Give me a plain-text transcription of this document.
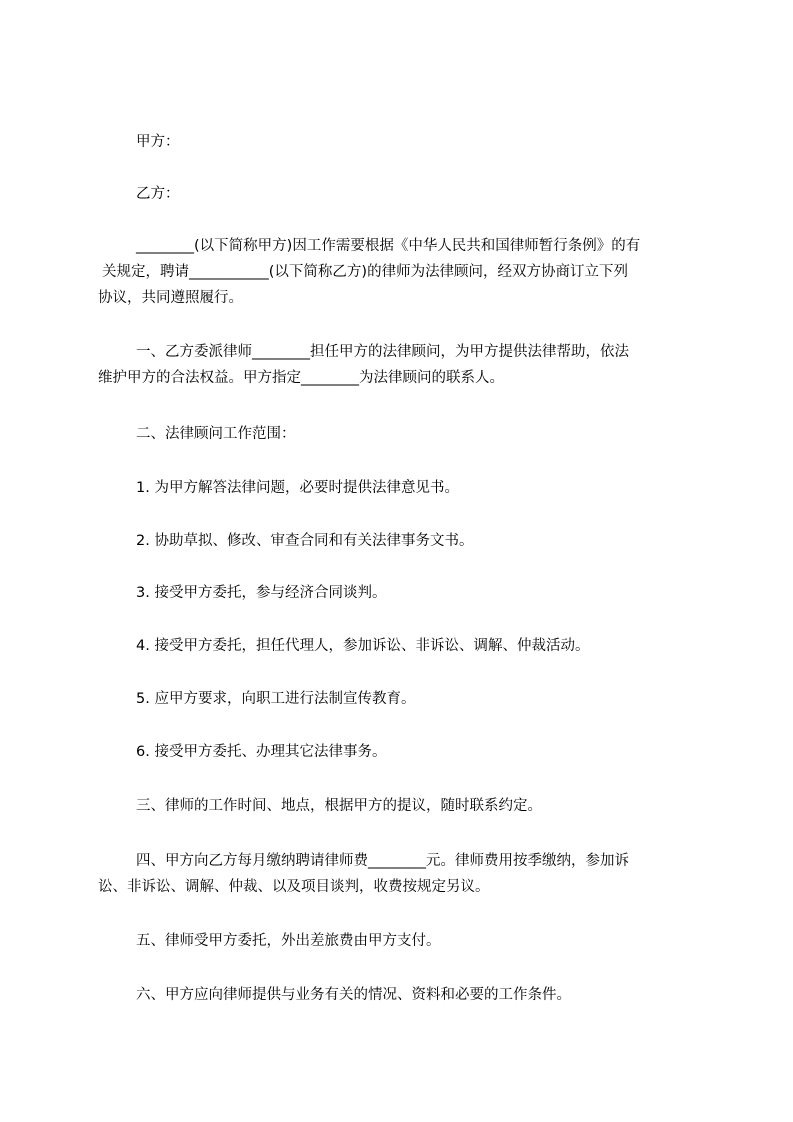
甲方：
乙方：
________(以下简称甲方)因工作需要根据《中华人民共和国律师暂行条例》的有
关规定，聘请___________(以下简称乙方)的律师为法律顾问，经双方协商订立下列
协议，共同遵照履行。
一、乙方委派律师________担任甲方的法律顾问，为甲方提供法律帮助，依法
维护甲方的合法权益。甲方指定________为法律顾问的联系人。
二、法律顾问工作范围：
1. 为甲方解答法律问题，必要时提供法律意见书。
2. 协助草拟、修改、审查合同和有关法律事务文书。
3. 接受甲方委托，参与经济合同谈判。
4. 接受甲方委托，担任代理人，参加诉讼、非诉讼、调解、仲裁活动。
5. 应甲方要求，向职工进行法制宣传教育。
6. 接受甲方委托、办理其它法律事务。
三、律师的工作时间、地点，根据甲方的提议，随时联系约定。
四、甲方向乙方每月缴纳聘请律师费________元。律师费用按季缴纳，参加诉
讼、非诉讼、调解、仲裁、以及项目谈判，收费按规定另议。
五、律师受甲方委托，外出差旅费由甲方支付。
六、甲方应向律师提供与业务有关的情况、资料和必要的工作条件。
